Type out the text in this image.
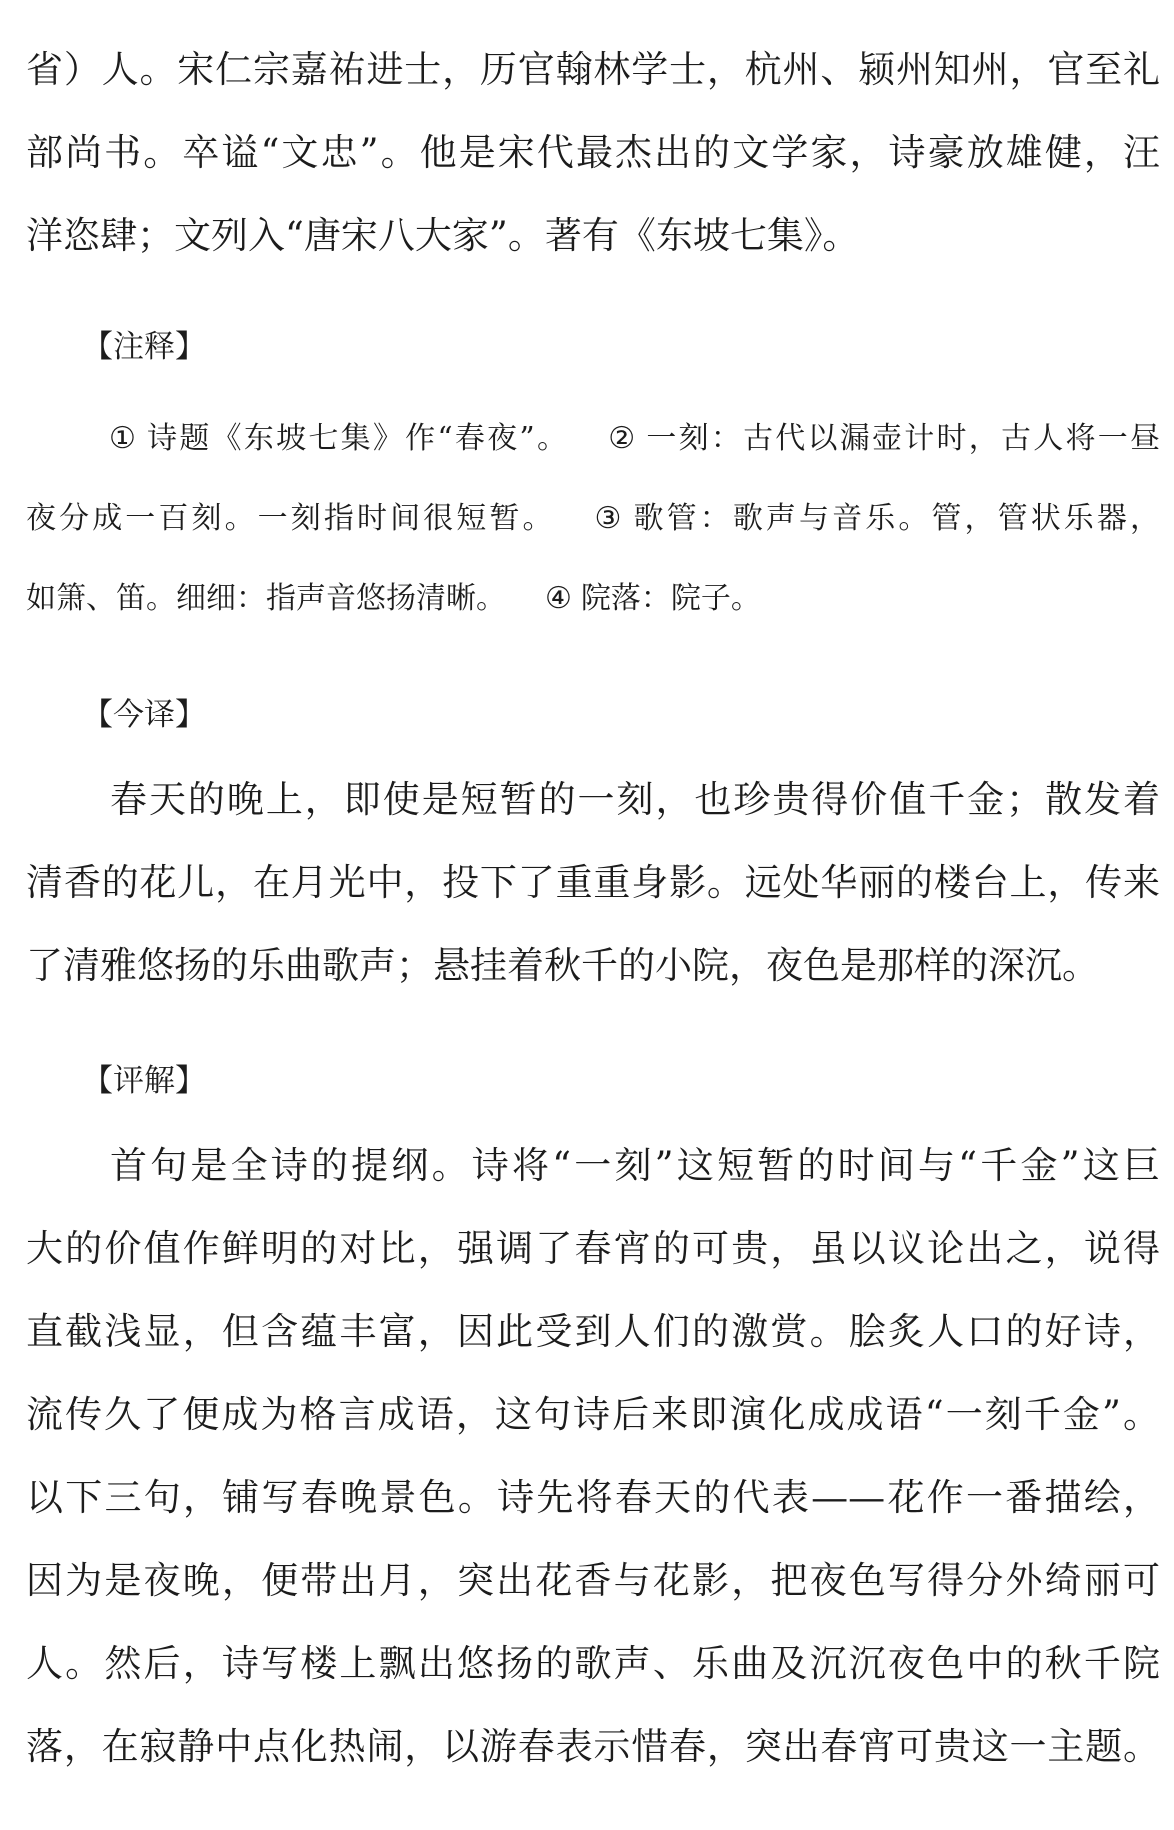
省）人。宋仁宗嘉祐进士，历官翰林学士，杭州、颍州知州，官至礼
部尚书。卒谥“文忠”。他是宋代最杰出的文学家，诗豪放雄健，汪
洋恣肆；文列入“唐宋八大家”。著有《东坡七集》。
【注释】
① 诗题《东坡七集》作“春夜”。 ② 一刻：古代以漏壶计时，古人将一昼
夜分成一百刻。一刻指时间很短暂。 ③ 歌管：歌声与音乐。管，管状乐器，
如箫、笛。细细：指声音悠扬清晰。 ④ 院落：院子。
【今译】
春天的晚上，即使是短暂的一刻，也珍贵得价值千金；散发着
清香的花儿，在月光中，投下了重重身影。远处华丽的楼台上，传来
了清雅悠扬的乐曲歌声；悬挂着秋千的小院，夜色是那样的深沉。
【评解】
首句是全诗的提纲。诗将“一刻”这短暂的时间与“千金”这巨
大的价值作鲜明的对比，强调了春宵的可贵，虽以议论出之，说得
直截浅显，但含蕴丰富，因此受到人们的激赏。脍炙人口的好诗，
流传久了便成为格言成语，这句诗后来即演化成成语“一刻千金”。
以下三句，铺写春晚景色。诗先将春天的代表——花作一番描绘，
因为是夜晚，便带出月，突出花香与花影，把夜色写得分外绮丽可
人。然后，诗写楼上飘出悠扬的歌声、乐曲及沉沉夜色中的秋千院
落，在寂静中点化热闹，以游春表示惜春，突出春宵可贵这一主题。
